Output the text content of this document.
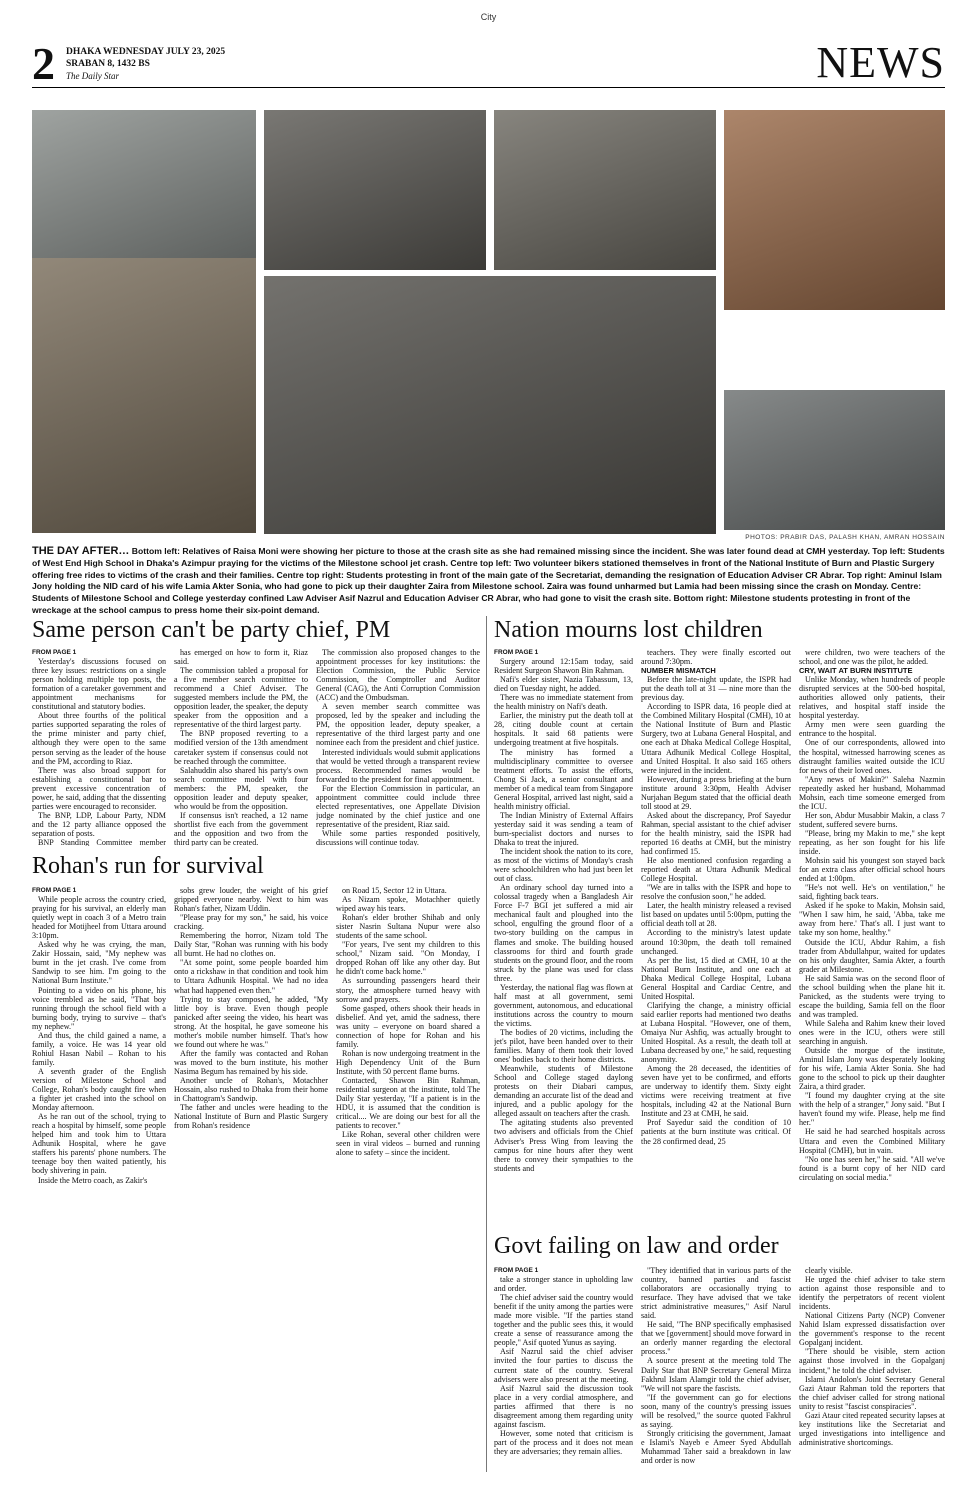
City
2 DHAKA WEDNESDAY JULY 23, 2025
SRABAN 8, 1432 BS
The Daily Star	NEWS
PHOTOS: PRABIR DAS, PALASH KHAN, AMRAN HOSSAIN
THE DAY AFTER… Bottom left: Relatives of Raisa Moni were showing her picture to those at the crash site as she had remained missing since the incident. She was later found dead at CMH yesterday. Top left: Students of West End High School in Dhaka's Azimpur praying for the victims of the Milestone school jet crash. Centre top left: Two volunteer bikers stationed themselves in front of the National Institute of Burn and Plastic Surgery offering free rides to victims of the crash and their families. Centre top right: Students protesting in front of the main gate of the Secretariat, demanding the resignation of Education Adviser CR Abrar. Top right: Aminul Islam Jony holding the NID card of his wife Lamia Akter Sonia, who had gone to pick up their daughter Zaira from Milestone school. Zaira was found unharmed but Lamia had been missing since the crash on Monday. Centre: Students of Milestone School and College yesterday confined Law Adviser Asif Nazrul and Education Adviser CR Abrar, who had gone to visit the crash site. Bottom right: Milestone students protesting in front of the wreckage at the school campus to press home their six-point demand.
Same person can't be party chief, PM

FROM PAGE 1

Yesterday's discussions focused on three key issues: restrictions on a single person holding multiple top posts, the formation of a caretaker government and appointment mechanisms for constitutional and statutory bodies.

About three fourths of the political parties supported separating the roles of the prime minister and party chief, although they were open to the same person serving as the leader of the house and the PM, according to Riaz.

There was also broad support for establishing a constitutional bar to prevent excessive concentration of power, he said, adding that the dissenting parties were encouraged to reconsider.

The BNP, LDP, Labour Party, NDM and the 12 party alliance opposed the separation of posts.

BNP Standing Committee member

has emerged on how to form it, Riaz said.

The commission tabled a proposal for a five member search committee to recommend a Chief Adviser. The suggested members include the PM, the opposition leader, the speaker, the deputy speaker from the opposition and a representative of the third largest party.

The BNP proposed reverting to a modified version of the 13th amendment caretaker system if consensus could not be reached through the committee.

Salahuddin also shared his party's own search committee model with four members: the PM, speaker, the opposition leader and deputy speaker, who would be from the opposition.

If consensus isn't reached, a 12 name shortlist five each from the government and the opposition and two from the third party can be created.

The commission also proposed changes to the appointment processes for key institutions: the Election Commission, the Public Service Commission, the Comptroller and Auditor General (CAG), the Anti Corruption Commission (ACC) and the Ombudsman.

A seven member search committee was proposed, led by the speaker and including the PM, the opposition leader, deputy speaker, a representative of the third largest party and one nominee each from the president and chief justice.

Interested individuals would submit applications that would be vetted through a transparent review process. Recommended names would be forwarded to the president for final appointment.

For the Election Commission in particular, an appointment committee could include three elected representatives, one Appellate Division judge nominated by the chief justice and one representative of the president, Riaz said.

While some parties responded positively, discussions will continue today.

Rohan's run for survival

FROM PAGE 1

While people across the country cried, praying for his survival, an elderly man quietly wept in coach 3 of a Metro train headed for Motijheel from Uttara around 3:10pm.

Asked why he was crying, the man, Zakir Hossain, said, "My nephew was burnt in the jet crash. I've come from Sandwip to see him. I'm going to the National Burn Institute."

Pointing to a video on his phone, his voice trembled as he said, "That boy running through the school field with a burning body, trying to survive – that's my nephew."

And thus, the child gained a name, a family, a voice. He was 14 year old Rohiul Hasan Nabil – Rohan to his family.

A seventh grader of the English version of Milestone School and College, Rohan's body caught fire when a fighter jet crashed into the school on Monday afternoon.

As he ran out of the school, trying to reach a hospital by himself, some people helped him and took him to Uttara Adhunik Hospital, where he gave staffers his parents' phone numbers. The teenage boy then waited patiently, his body shivering in pain.

Inside the Metro coach, as Zakir's

sobs grew louder, the weight of his grief gripped everyone nearby. Next to him was Rohan's father, Nizam Uddin.

"Please pray for my son," he said, his voice cracking.

Remembering the horror, Nizam told The Daily Star, "Rohan was running with his body all burnt. He had no clothes on.

"At some point, some people boarded him onto a rickshaw in that condition and took him to Uttara Adhunik Hospital. We had no idea what had happened even then."

Trying to stay composed, he added, "My little boy is brave. Even though people panicked after seeing the video, his heart was strong. At the hospital, he gave someone his mother's mobile number himself. That's how we found out where he was."

After the family was contacted and Rohan was moved to the burn institute, his mother Nasima Begum has remained by his side.

Another uncle of Rohan's, Motachher Hossain, also rushed to Dhaka from their home in Chattogram's Sandwip.

The father and uncles were heading to the National Institute of Burn and Plastic Surgery from Rohan's residence

on Road 15, Sector 12 in Uttara.

As Nizam spoke, Motachher quietly wiped away his tears.

Rohan's elder brother Shihab and only sister Nasrin Sultana Nupur were also students of the same school.

"For years, I've sent my children to this school," Nizam said. "On Monday, I dropped Rohan off like any other day. But he didn't come back home."

As surrounding passengers heard their story, the atmosphere turned heavy with sorrow and prayers.

Some gasped, others shook their heads in disbelief. And yet, amid the sadness, there was unity – everyone on board shared a connection of hope for Rohan and his family.

Rohan is now undergoing treatment in the High Dependency Unit of the Burn Institute, with 50 percent flame burns.

Contacted, Shawon Bin Rahman, residential surgeon at the institute, told The Daily Star yesterday, "If a patient is in the HDU, it is assumed that the condition is critical.... We are doing our best for all the patients to recover."

Like Rohan, several other children were seen in viral videos – burned and running alone to safety – since the incident.

Nation mourns lost children

FROM PAGE 1

Surgery around 12:15am today, said Resident Surgeon Shawon Bin Rahman.

Nafi's elder sister, Nazia Tabassum, 13, died on Tuesday night, he added.

There was no immediate statement from the health ministry on Nafi's death.

Earlier, the ministry put the death toll at 28, citing double count at certain hospitals. It said 68 patients were undergoing treatment at five hospitals.

The ministry has formed a multidisciplinary committee to oversee treatment efforts. To assist the efforts, Chong Si Jack, a senior consultant and member of a medical team from Singapore General Hospital, arrived last night, said a health ministry official.

The Indian Ministry of External Affairs yesterday said it was sending a team of burn-specialist doctors and nurses to Dhaka to treat the injured.

The incident shook the nation to its core, as most of the victims of Monday's crash were schoolchildren who had just been let out of class.

An ordinary school day turned into a colossal tragedy when a Bangladesh Air Force F-7 BGI jet suffered a mid air mechanical fault and ploughed into the school, engulfing the ground floor of a two-story building on the campus in flames and smoke. The building housed classrooms for third and fourth grade students on the ground floor, and the room struck by the plane was used for class three.

Yesterday, the national flag was flown at half mast at all government, semi government, autonomous, and educational institutions across the country to mourn the victims.

The bodies of 20 victims, including the jet's pilot, have been handed over to their families. Many of them took their loved ones' bodies back to their home districts.

Meanwhile, students of Milestone School and College staged daylong protests on their Diabari campus, demanding an accurate list of the dead and injured, and a public apology for the alleged assault on teachers after the crash.

The agitating students also prevented two advisers and officials from the Chief Adviser's Press Wing from leaving the campus for nine hours after they went there to convey their sympathies to the students and

teachers. They were finally escorted out around 7:30pm.

NUMBER MISMATCH

Before the late-night update, the ISPR had put the death toll at 31 — nine more than the previous day.

According to ISPR data, 16 people died at the Combined Military Hospital (CMH), 10 at the National Institute of Burn and Plastic Surgery, two at Lubana General Hospital, and one each at Dhaka Medical College Hospital, Uttara Adhunik Medical College Hospital, and United Hospital. It also said 165 others were injured in the incident.

However, during a press briefing at the burn institute around 3:30pm, Health Adviser Nurjahan Begum stated that the official death toll stood at 29.

Asked about the discrepancy, Prof Sayedur Rahman, special assistant to the chief adviser for the health ministry, said the ISPR had reported 16 deaths at CMH, but the ministry had confirmed 15.

He also mentioned confusion regarding a reported death at Uttara Adhunik Medical College Hospital.

"We are in talks with the ISPR and hope to resolve the confusion soon," he added.

Later, the health ministry released a revised list based on updates until 5:00pm, putting the official death toll at 28.

According to the ministry's latest update around 10:30pm, the death toll remained unchanged.

As per the list, 15 died at CMH, 10 at the National Burn Institute, and one each at Dhaka Medical College Hospital, Lubana General Hospital and Cardiac Centre, and United Hospital.

Clarifying the change, a ministry official said earlier reports had mentioned two deaths at Lubana Hospital. "However, one of them, Omaiya Nur Ashfiq, was actually brought to United Hospital. As a result, the death toll at Lubana decreased by one," he said, requesting anonymity.

Among the 28 deceased, the identities of seven have yet to be confirmed, and efforts are underway to identify them. Sixty eight victims were receiving treatment at five hospitals, including 42 at the National Burn Institute and 23 at CMH, he said.

Prof Sayedur said the condition of 10 patients at the burn institute was critical. Of the 28 confirmed dead, 25

were children, two were teachers of the school, and one was the pilot, he added.

CRY, WAIT AT BURN INSTITUTE

Unlike Monday, when hundreds of people disrupted services at the 500-bed hospital, authorities allowed only patients, their relatives, and hospital staff inside the hospital yesterday.

Army men were seen guarding the entrance to the hospital.

One of our correspondents, allowed into the hospital, witnessed harrowing scenes as distraught families waited outside the ICU for news of their loved ones.

"Any news of Makin?" Saleha Nazmin repeatedly asked her husband, Mohammad Mohsin, each time someone emerged from the ICU.

Her son, Abdur Musabbir Makin, a class 7 student, suffered severe burns.

"Please, bring my Makin to me," she kept repeating, as her son fought for his life inside.

Mohsin said his youngest son stayed back for an extra class after official school hours ended at 1:00pm.

"He's not well. He's on ventilation," he said, fighting back tears.

Asked if he spoke to Makin, Mohsin said, "When I saw him, he said, 'Abba, take me away from here.' That's all. I just want to take my son home, healthy."

Outside the ICU, Abdur Rahim, a fish trader from Abdullahpur, waited for updates on his only daughter, Samia Akter, a fourth grader at Milestone.

He said Samia was on the second floor of the school building when the plane hit it. Panicked, as the students were trying to escape the building, Samia fell on the floor and was trampled.

While Saleha and Rahim knew their loved ones were in the ICU, others were still searching in anguish.

Outside the morgue of the institute, Aminul Islam Jony was desperately looking for his wife, Lamia Akter Sonia. She had gone to the school to pick up their daughter Zaira, a third grader.

"I found my daughter crying at the site with the help of a stranger," Jony said. "But I haven't found my wife. Please, help me find her."

He said he had searched hospitals across Uttara and even the Combined Military Hospital (CMH), but in vain.

"No one has seen her," he said. "All we've found is a burnt copy of her NID card circulating on social media."

Govt failing on law and order

FROM PAGE 1

take a stronger stance in upholding law and order.

The chief adviser said the country would benefit if the unity among the parties were made more visible. "If the parties stand together and the public sees this, it would create a sense of reassurance among the people," Asif quoted Yunus as saying.

Asif Nazrul said the chief adviser invited the four parties to discuss the current state of the country. Several advisers were also present at the meeting.

Asif Nazrul said the discussion took place in a very cordial atmosphere, and parties affirmed that there is no disagreement among them regarding unity against fascism.

However, some noted that criticism is part of the process and it does not mean they are adversaries; they remain allies.

"They identified that in various parts of the country, banned parties and fascist collaborators are occasionally trying to resurface. They have advised that we take strict administrative measures," Asif Narul said.

He said, "The BNP specifically emphasised that we [government] should move forward in an orderly manner regarding the electoral process."

A source present at the meeting told The Daily Star that BNP Secretary General Mirza Fakhrul Islam Alamgir told the chief adviser, "We will not spare the fascists.

"If the government can go for elections soon, many of the country's pressing issues will be resolved," the source quoted Fakhrul as saying.

Strongly criticising the government, Jamaat e Islami's Nayeb e Ameer Syed Abdullah Muhammad Taher said a breakdown in law and order is now

clearly visible.

He urged the chief adviser to take stern action against those responsible and to identify the perpetrators of recent violent incidents.

National Citizens Party (NCP) Convener Nahid Islam expressed dissatisfaction over the government's response to the recent Gopalganj incident.

"There should be visible, stern action against those involved in the Gopalganj incident," he told the chief adviser.

Islami Andolon's Joint Secretary General Gazi Ataur Rahman told the reporters that the chief adviser called for strong national unity to resist "fascist conspiracies".

Gazi Ataur cited repeated security lapses at key institutions like the Secretariat and urged investigations into intelligence and administrative shortcomings.
